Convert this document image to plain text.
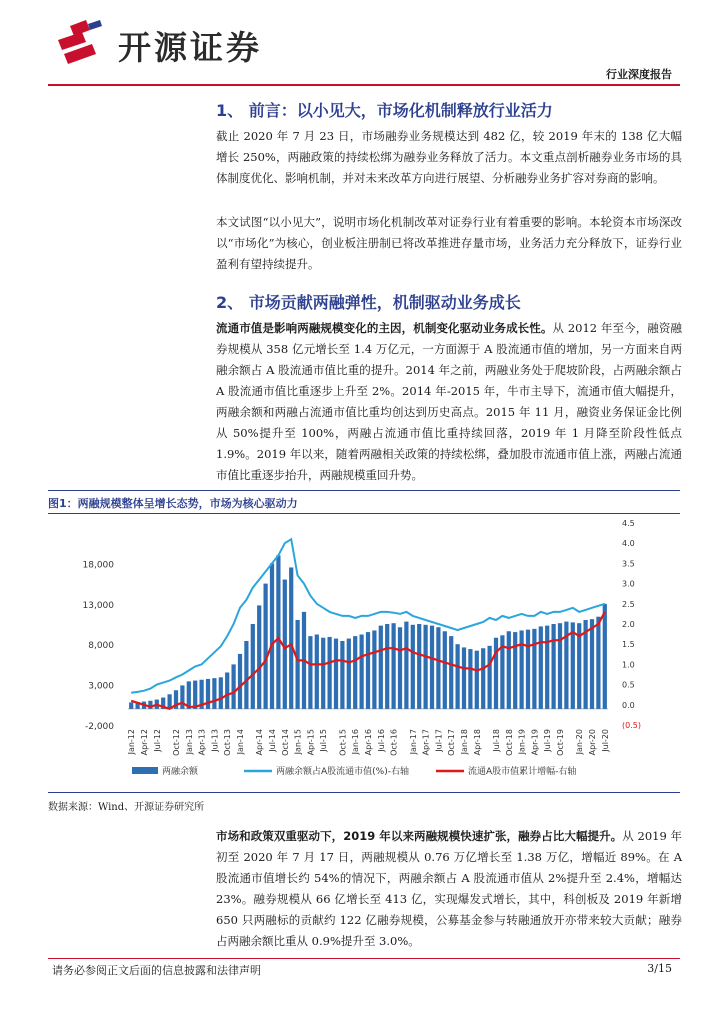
开源证券
行业深度报告
1、 前言：以小见大，市场化机制释放行业活力

截止 2020 年 7 月 23 日，市场融券业务规模达到 482 亿，较 2019 年末的 138 亿大幅增长 250%，两融政策的持续松绑为融券业务释放了活力。本文重点剖析融券业务市场的具体制度优化、影响机制，并对未来改革方向进行展望、分析融券业务扩容对券商的影响。

本文试图“以小见大”，说明市场化机制改革对证券行业有着重要的影响。本轮资本市场深改以“市场化”为核心，创业板注册制已将改革推进存量市场，业务活力充分释放下，证券行业盈利有望持续提升。

2、 市场贡献两融弹性，机制驱动业务成长

流通市值是影响两融规模变化的主因，机制变化驱动业务成长性。从 2012 年至今，融资融券规模从 358 亿元增长至 1.4 万亿元，一方面源于 A 股流通市值的增加，另一方面来自两融余额占 A 股流通市值比重的提升。2014 年之前，两融业务处于爬坡阶段，占两融余额占 A 股流通市值比重逐步上升至 2%。2014 年-2015 年，牛市主导下，流通市值大幅提升，两融余额和两融占流通市值比重均创达到历史高点。2015 年 11 月，融资业务保证金比例从 50%提升至 100%，两融占流通市值比重持续回落，2019 年 1 月降至阶段性低点 1.9%。2019 年以来，随着两融相关政策的持续松绑，叠加股市流通市值上涨，两融占流通市值比重逐步抬升，两融规模重回升势。

图1：两融规模整体呈增长态势，市场为核心驱动力
18,000
13,000
8,000
3,000
-2,000
4.5
4.0
3.5
3.0
2.5
2.0
1.5
1.0
0.5
0.0
(0.5)
Jan-12 Apr-12 Jul-12 Oct-12 Jan-13 Apr-13 Jul-13 Oct-13 Jan-14 Apr-14 Jul-14 Oct-14 Jan-15 Apr-15 Jul-15 Oct-15 Jan-16 Apr-16 Jul-16 Oct-16 Jan-17 Apr-17 Jul-17 Oct-17 Jan-18 Apr-18 Jul-18 Oct-18 Jan-19 Apr-19 Jul-19 Oct-19 Jan-20 Apr-20 Jul-20
两融余额	两融余额占A股流通市值(%)-右轴	流通A股市值累计增幅-右轴
数据来源：Wind、开源证券研究所

市场和政策双重驱动下，2019 年以来两融规模快速扩张，融券占比大幅提升。从 2019 年初至 2020 年 7 月 17 日，两融规模从 0.76 万亿增长至 1.38 万亿，增幅近 89%。在 A 股流通市值增长约 54%的情况下，两融余额占 A 股流通市值从 2%提升至 2.4%，增幅达 23%。融券规模从 66 亿增长至 413 亿，实现爆发式增长，其中，科创板及 2019 年新增 650 只两融标的贡献约 122 亿融券规模，公募基金参与转融通放开亦带来较大贡献；融券占两融余额比重从 0.9%提升至 3.0%。

请务必参阅正文后面的信息披露和法律声明	3/15
